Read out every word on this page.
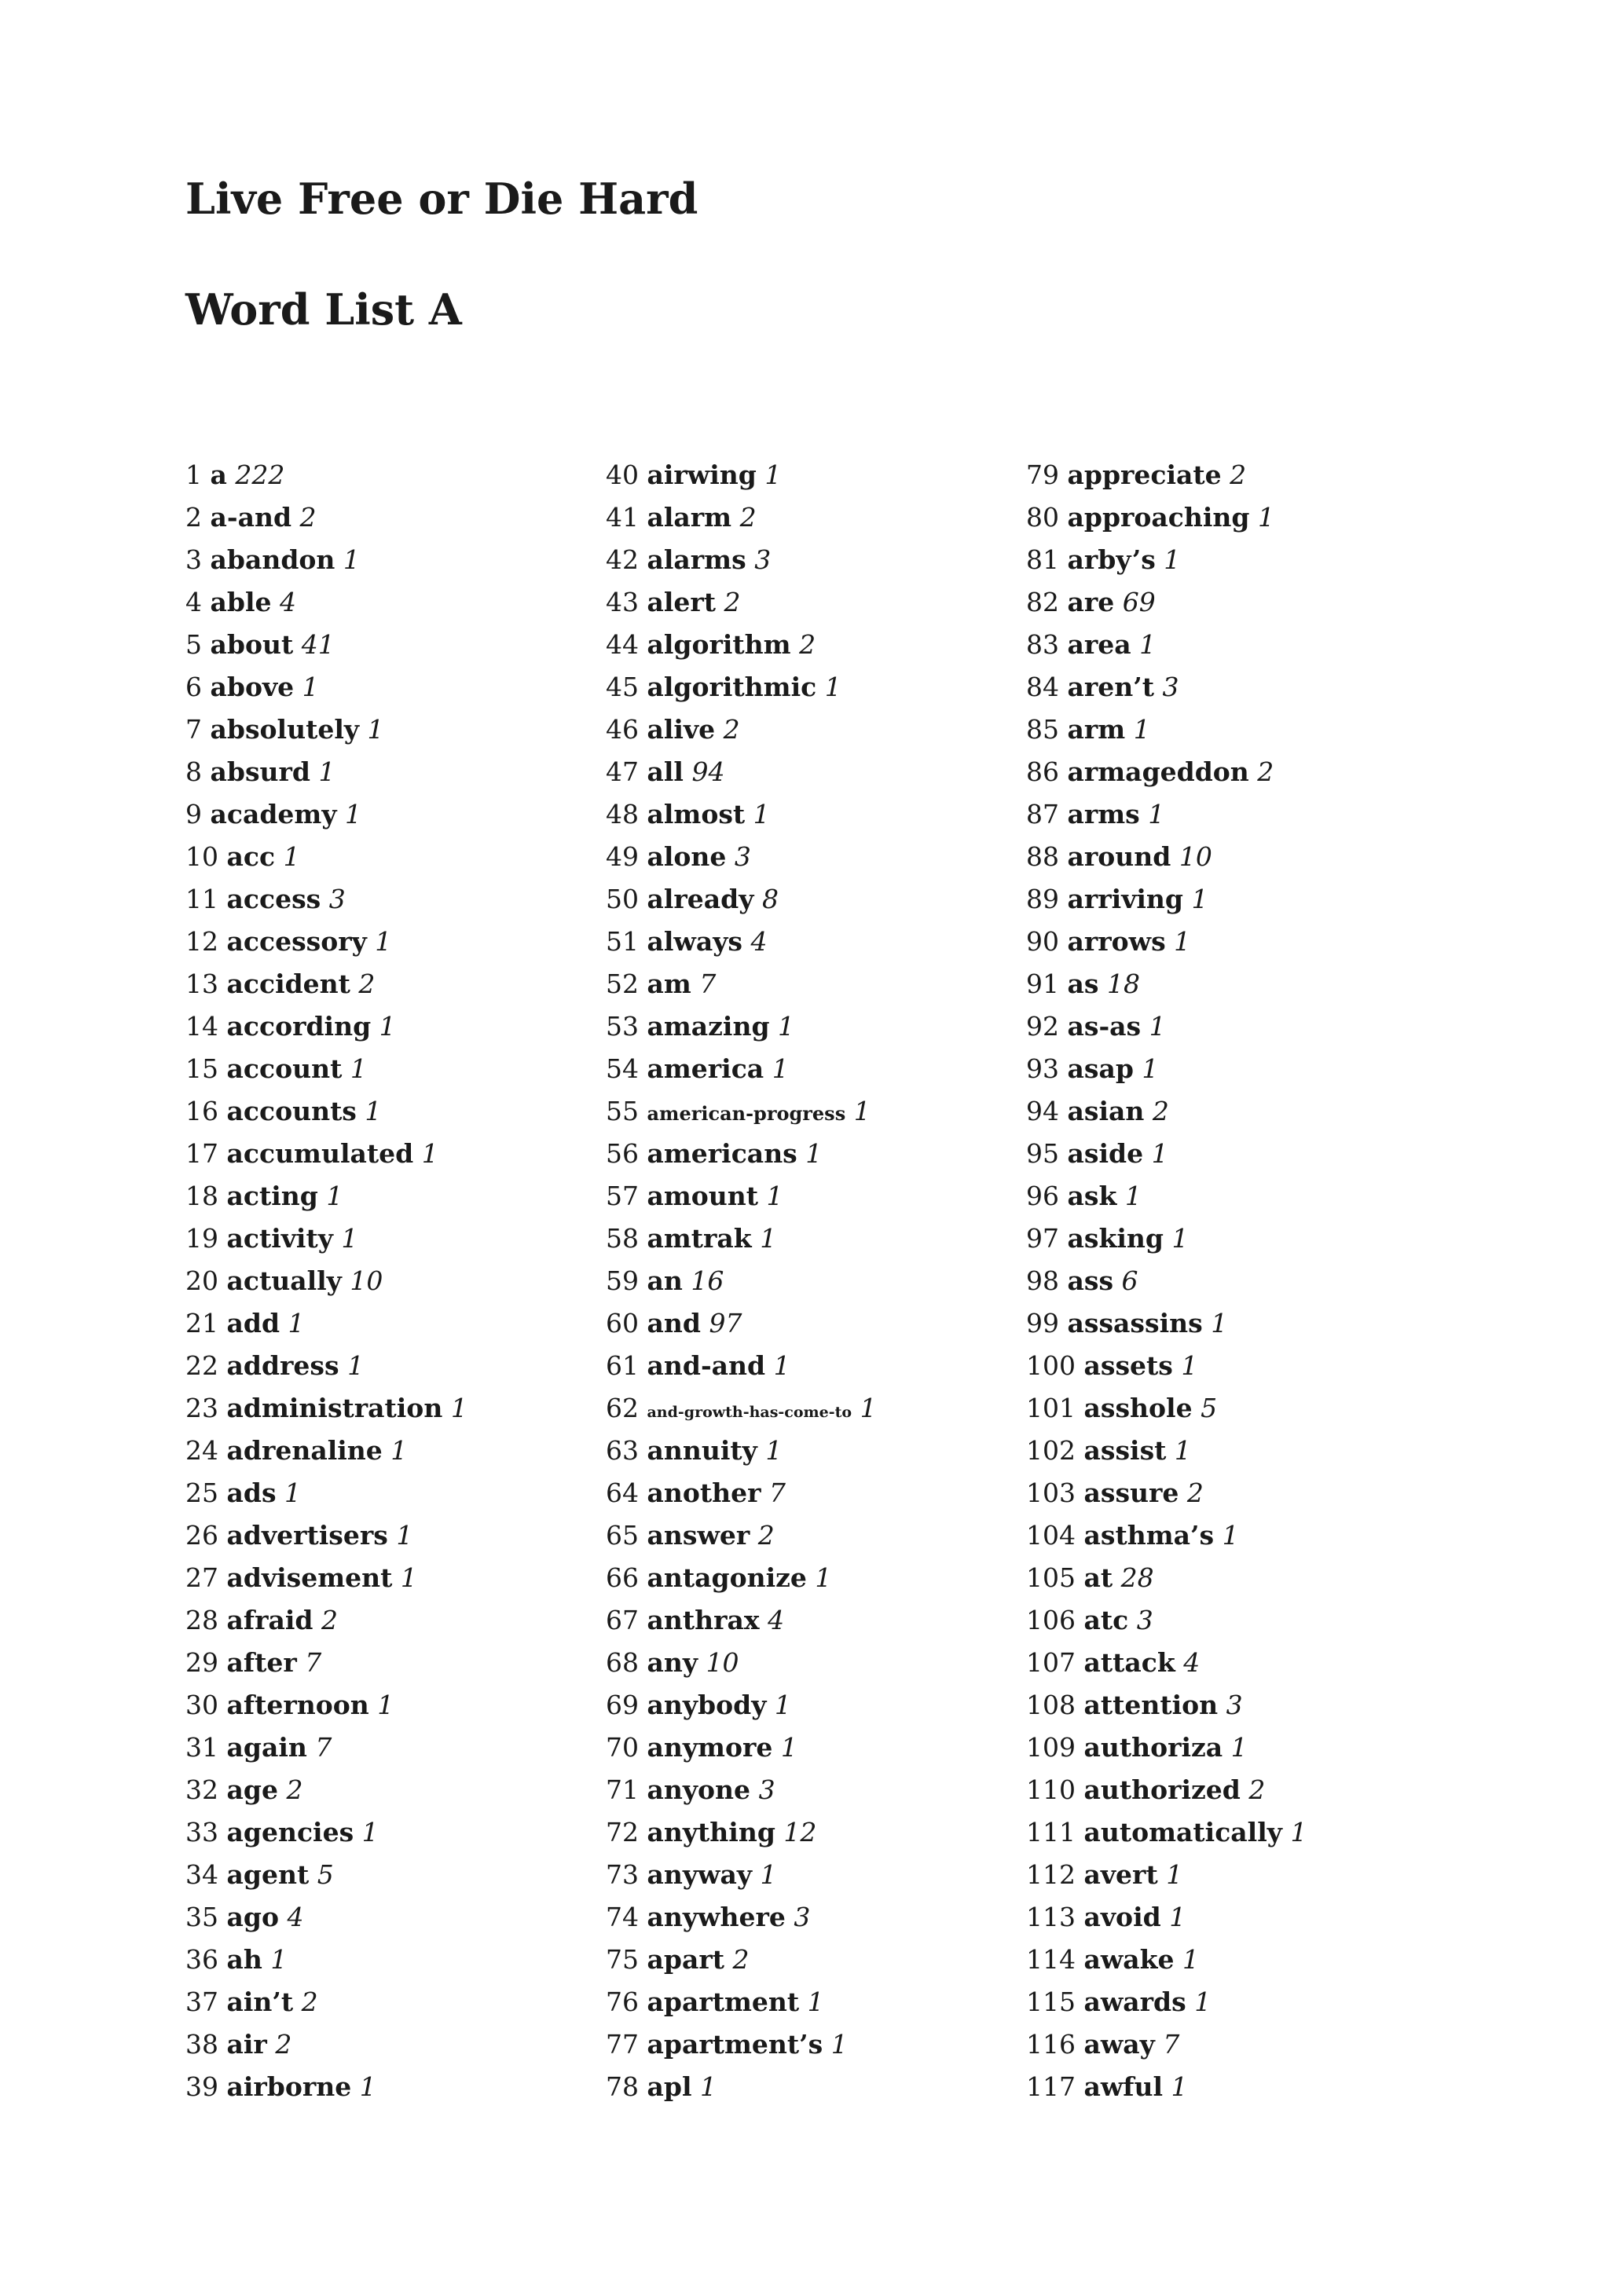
Live Free or Die Hard
Word List A
1 a 222
2 a-and 2
3 abandon 1
4 able 4
5 about 41
6 above 1
7 absolutely 1
8 absurd 1
9 academy 1
10 acc 1
11 access 3
12 accessory 1
13 accident 2
14 according 1
15 account 1
16 accounts 1
17 accumulated 1
18 acting 1
19 activity 1
20 actually 10
21 add 1
22 address 1
23 administration 1
24 adrenaline 1
25 ads 1
26 advertisers 1
27 advisement 1
28 afraid 2
29 after 7
30 afternoon 1
31 again 7
32 age 2
33 agencies 1
34 agent 5
35 ago 4
36 ah 1
37 ain’t 2
38 air 2
39 airborne 1
40 airwing 1
41 alarm 2
42 alarms 3
43 alert 2
44 algorithm 2
45 algorithmic 1
46 alive 2
47 all 94
48 almost 1
49 alone 3
50 already 8
51 always 4
52 am 7
53 amazing 1
54 america 1
55 american-progress 1
56 americans 1
57 amount 1
58 amtrak 1
59 an 16
60 and 97
61 and-and 1
62 and-growth-has-come-to 1
63 annuity 1
64 another 7
65 answer 2
66 antagonize 1
67 anthrax 4
68 any 10
69 anybody 1
70 anymore 1
71 anyone 3
72 anything 12
73 anyway 1
74 anywhere 3
75 apart 2
76 apartment 1
77 apartment’s 1
78 apl 1
79 appreciate 2
80 approaching 1
81 arby’s 1
82 are 69
83 area 1
84 aren’t 3
85 arm 1
86 armageddon 2
87 arms 1
88 around 10
89 arriving 1
90 arrows 1
91 as 18
92 as-as 1
93 asap 1
94 asian 2
95 aside 1
96 ask 1
97 asking 1
98 ass 6
99 assassins 1
100 assets 1
101 asshole 5
102 assist 1
103 assure 2
104 asthma’s 1
105 at 28
106 atc 3
107 attack 4
108 attention 3
109 authoriza 1
110 authorized 2
111 automatically 1
112 avert 1
113 avoid 1
114 awake 1
115 awards 1
116 away 7
117 awful 1
